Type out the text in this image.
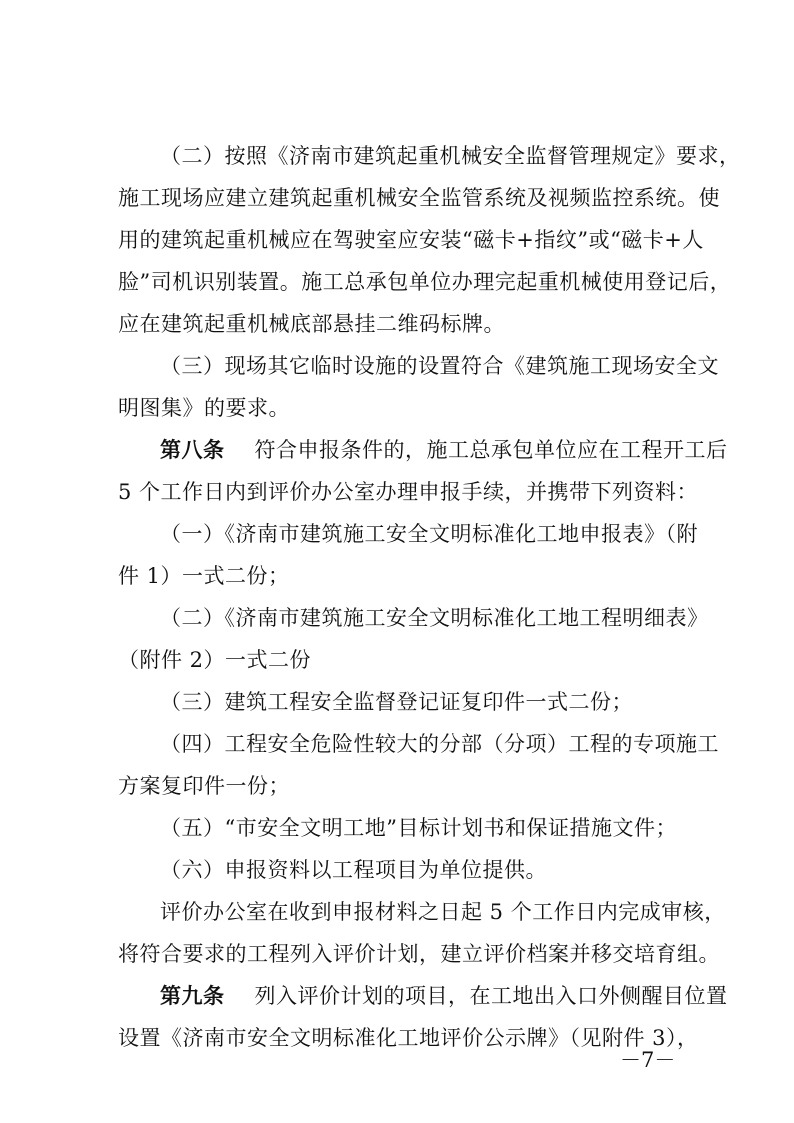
（二）按照《济南市建筑起重机械安全监督管理规定》要求，
施工现场应建立建筑起重机械安全监管系统及视频监控系统。使
用的建筑起重机械应在驾驶室应安装“磁卡+指纹”或“磁卡+人
脸”司机识别装置。施工总承包单位办理完起重机械使用登记后，
应在建筑起重机械底部悬挂二维码标牌。
（三）现场其它临时设施的设置符合《建筑施工现场安全文
明图集》的要求。
第八条 符合申报条件的，施工总承包单位应在工程开工后
5 个工作日内到评价办公室办理申报手续，并携带下列资料：
（一）《济南市建筑施工安全文明标准化工地申报表》（附
件 1）一式二份；
（二）《济南市建筑施工安全文明标准化工地工程明细表》
（附件 2）一式二份
（三）建筑工程安全监督登记证复印件一式二份；
（四）工程安全危险性较大的分部（分项）工程的专项施工
方案复印件一份；
（五）“市安全文明工地”目标计划书和保证措施文件；
（六）申报资料以工程项目为单位提供。
评价办公室在收到申报材料之日起 5 个工作日内完成审核，
将符合要求的工程列入评价计划，建立评价档案并移交培育组。
第九条 列入评价计划的项目，在工地出入口外侧醒目位置
设置《济南市安全文明标准化工地评价公示牌》（见附件 3），
－7－
